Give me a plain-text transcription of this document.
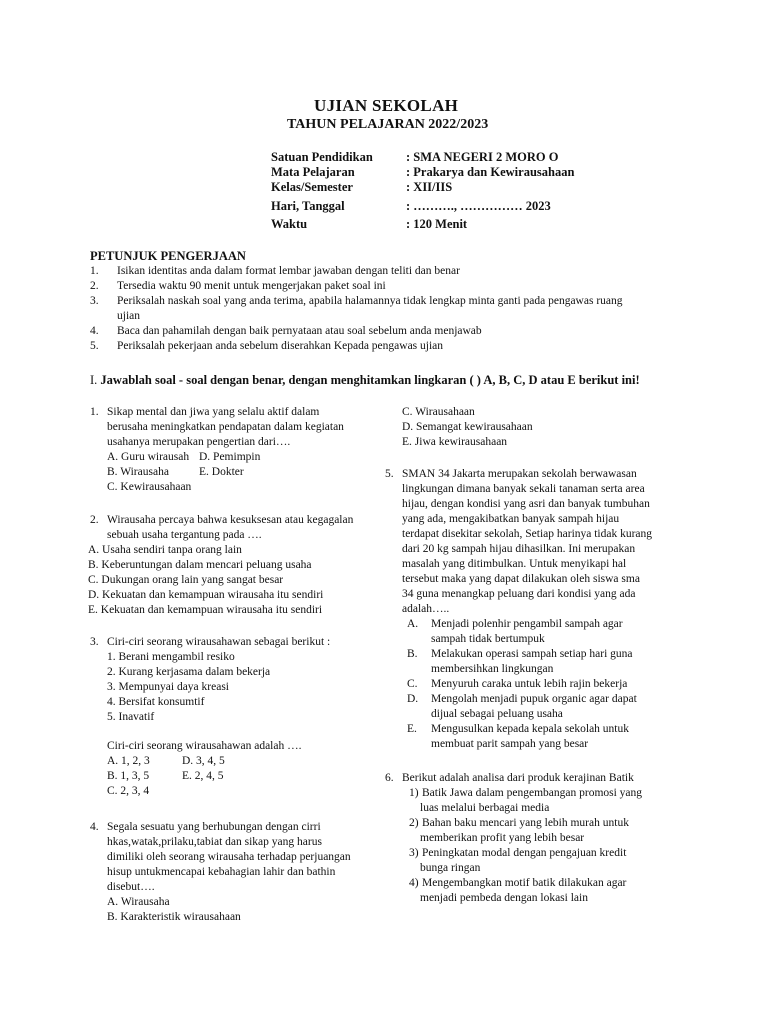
UJIAN SEKOLAH
TAHUN PELAJARAN 2022/2023
Satuan Pendidikan	: SMA NEGERI 2 MORO O
Mata Pelajaran	: Prakarya dan Kewirausahaan
Kelas/Semester	: XII/IIS
Hari, Tanggal	: ………., …………… 2023
Waktu	: 120 Menit
PETUNJUK PENGERJAAN
1. Isikan identitas anda dalam format lembar jawaban dengan teliti dan benar
2. Tersedia waktu 90 menit untuk mengerjakan paket soal ini
3. Periksalah naskah soal yang anda terima, apabila halamannya tidak lengkap minta ganti pada pengawas ruang
ujian
4. Baca dan pahamilah dengan baik pernyataan atau soal sebelum anda menjawab
5. Periksalah pekerjaan anda sebelum diserahkan Kepada pengawas ujian
I. Jawablah soal - soal dengan benar, dengan menghitamkan lingkaran ( ) A, B, C, D atau E berikut ini!
1. Sikap mental dan jiwa yang selalu aktif dalam
berusaha meningkatkan pendapatan dalam kegiatan
usahanya merupakan pengertian dari….
A. Guru wirausah D. Pemimpin
B. Wirausaha	E. Dokter
C. Kewirausahaan
2. Wirausaha percaya bahwa kesuksesan atau kegagalan
sebuah usaha tergantung pada ….
A. Usaha sendiri tanpa orang lain
B. Keberuntungan dalam mencari peluang usaha
C. Dukungan orang lain yang sangat besar
D. Kekuatan dan kemampuan wirausaha itu sendiri
E. Kekuatan dan kemampuan wirausaha itu sendiri
3. Ciri-ciri seorang wirausahawan sebagai berikut :
1. Berani mengambil resiko
2. Kurang kerjasama dalam bekerja
3. Mempunyai daya kreasi
4. Bersifat konsumtif
5. Inavatif
Ciri-ciri seorang wirausahawan adalah ….
A. 1, 2, 3	D. 3, 4, 5
B. 1, 3, 5	E. 2, 4, 5
C. 2, 3, 4
4. Segala sesuatu yang berhubungan dengan cirri
hkas,watak,prilaku,tabiat dan sikap yang harus
dimiliki oleh seorang wirausaha terhadap perjuangan
hisup untukmencapai kebahagian lahir dan bathin
disebut….
A. Wirausaha
B. Karakteristik wirausahaan
C. Wirausahaan
D. Semangat kewirausahaan
E. Jiwa kewirausahaan
5. SMAN 34 Jakarta merupakan sekolah berwawasan
lingkungan dimana banyak sekali tanaman serta area
hijau, dengan kondisi yang asri dan banyak tumbuhan
yang ada, mengakibatkan banyak sampah hijau
terdapat disekitar sekolah, Setiap harinya tidak kurang
dari 20 kg sampah hijau dihasilkan. Ini merupakan
masalah yang ditimbulkan. Untuk menyikapi hal
tersebut maka yang dapat dilakukan oleh siswa sma
34 guna menangkap peluang dari kondisi yang ada
adalah…..
A. Menjadi polenhir pengambil sampah agar
sampah tidak bertumpuk
B. Melakukan operasi sampah setiap hari guna
membersihkan lingkungan
C. Menyuruh caraka untuk lebih rajin bekerja
D. Mengolah menjadi pupuk organic agar dapat
dijual sebagai peluang usaha
E. Mengusulkan kepada kepala sekolah untuk
membuat parit sampah yang besar
6. Berikut adalah analisa dari produk kerajinan Batik
1) Batik Jawa dalam pengembangan promosi yang
luas melalui berbagai media
2) Bahan baku mencari yang lebih murah untuk
memberikan profit yang lebih besar
3) Peningkatan modal dengan pengajuan kredit
bunga ringan
4) Mengembangkan motif batik dilakukan agar
menjadi pembeda dengan lokasi lain
